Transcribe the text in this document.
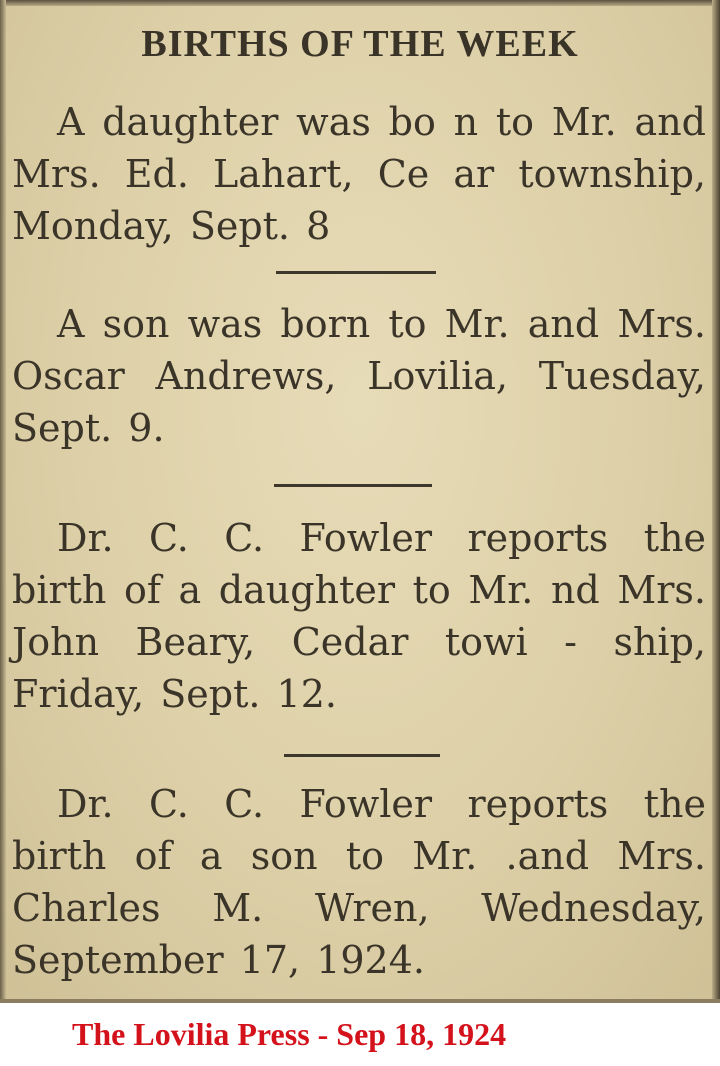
BIRTHS OF THE WEEK

A daughter was bo n to Mr. and Mrs. Ed. Lahart, Ce ar township, Monday, Sept. 8

A son was born to Mr. and Mrs. Oscar Andrews, Lovilia, Tuesday, Sept. 9.

Dr. C. C. Fowler reports the birth of a daughter to Mr. nd Mrs. John Beary, Cedar towi - ship, Friday, Sept. 12.

Dr. C. C. Fowler reports the birth of a son to Mr. .and Mrs. Charles M. Wren, Wednesday, September 17, 1924.

The Lovilia Press - Sep 18, 1924
